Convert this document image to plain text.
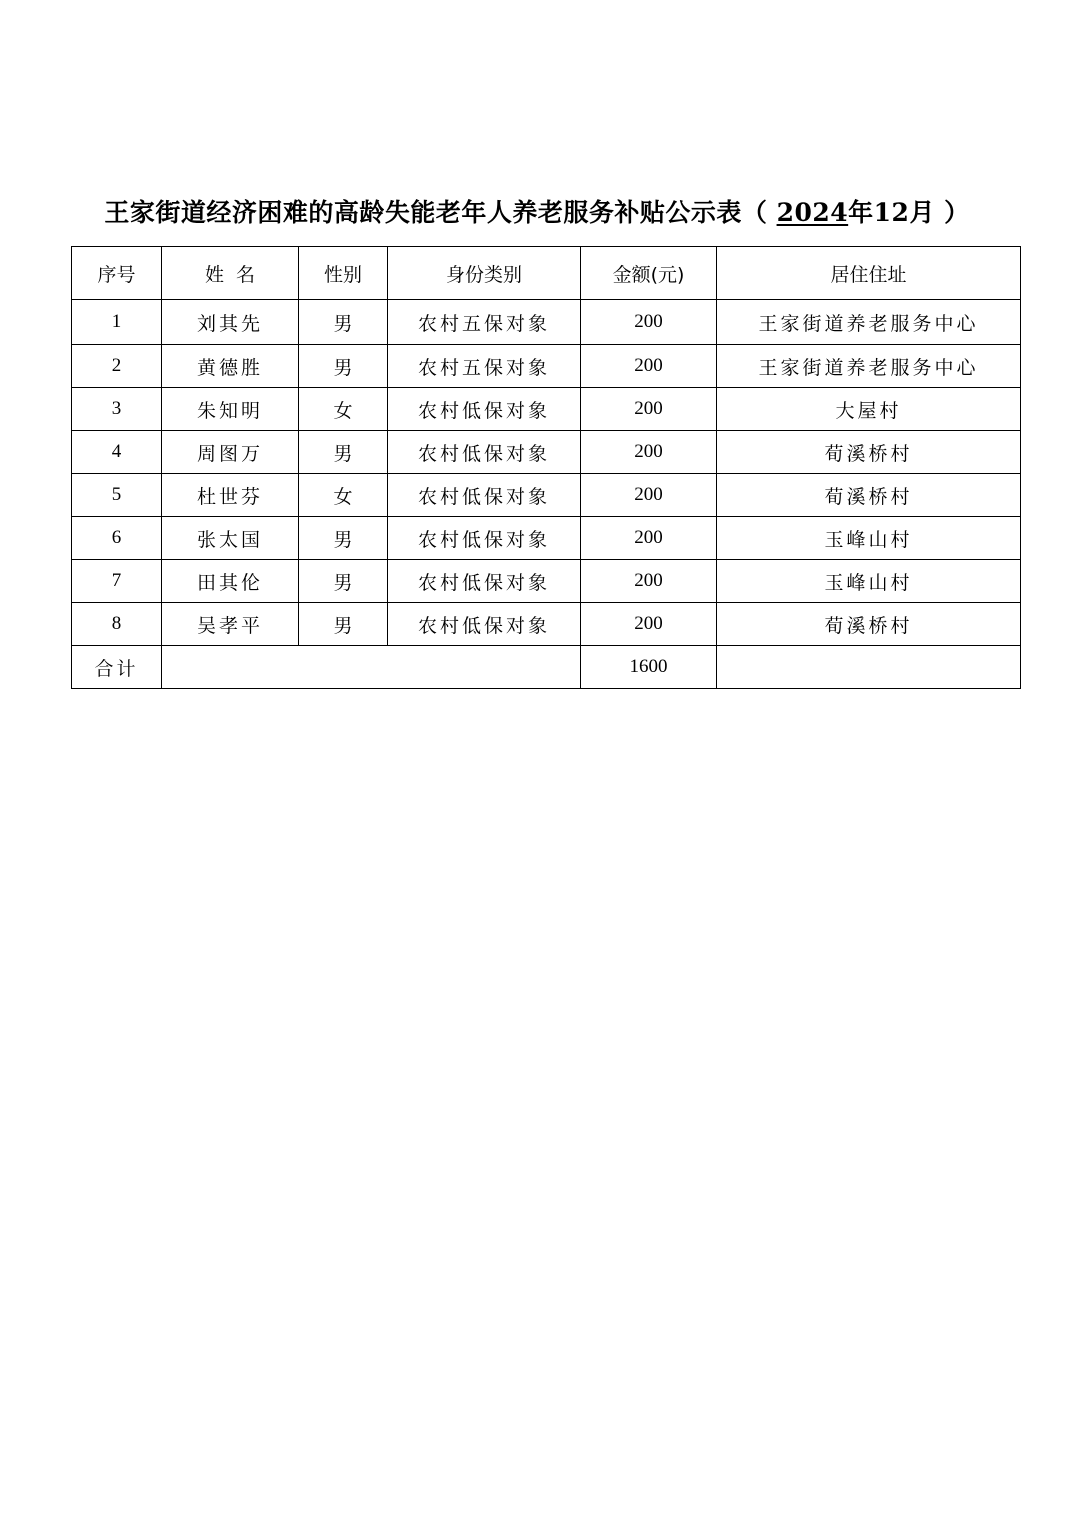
王家街道经济困难的高龄失能老年人养老服务补贴公示表（ 2024年12月 ）
序号	姓  名	性别	身份类别	金额(元)	居住住址
1	刘其先	男	农村五保对象	200	王家街道养老服务中心
2	黄德胜	男	农村五保对象	200	王家街道养老服务中心
3	朱知明	女	农村低保对象	200	大屋村
4	周图万	男	农村低保对象	200	荀溪桥村
5	杜世芬	女	农村低保对象	200	荀溪桥村
6	张太国	男	农村低保对象	200	玉峰山村
7	田其伦	男	农村低保对象	200	玉峰山村
8	吴孝平	男	农村低保对象	200	荀溪桥村
合计				1600	
